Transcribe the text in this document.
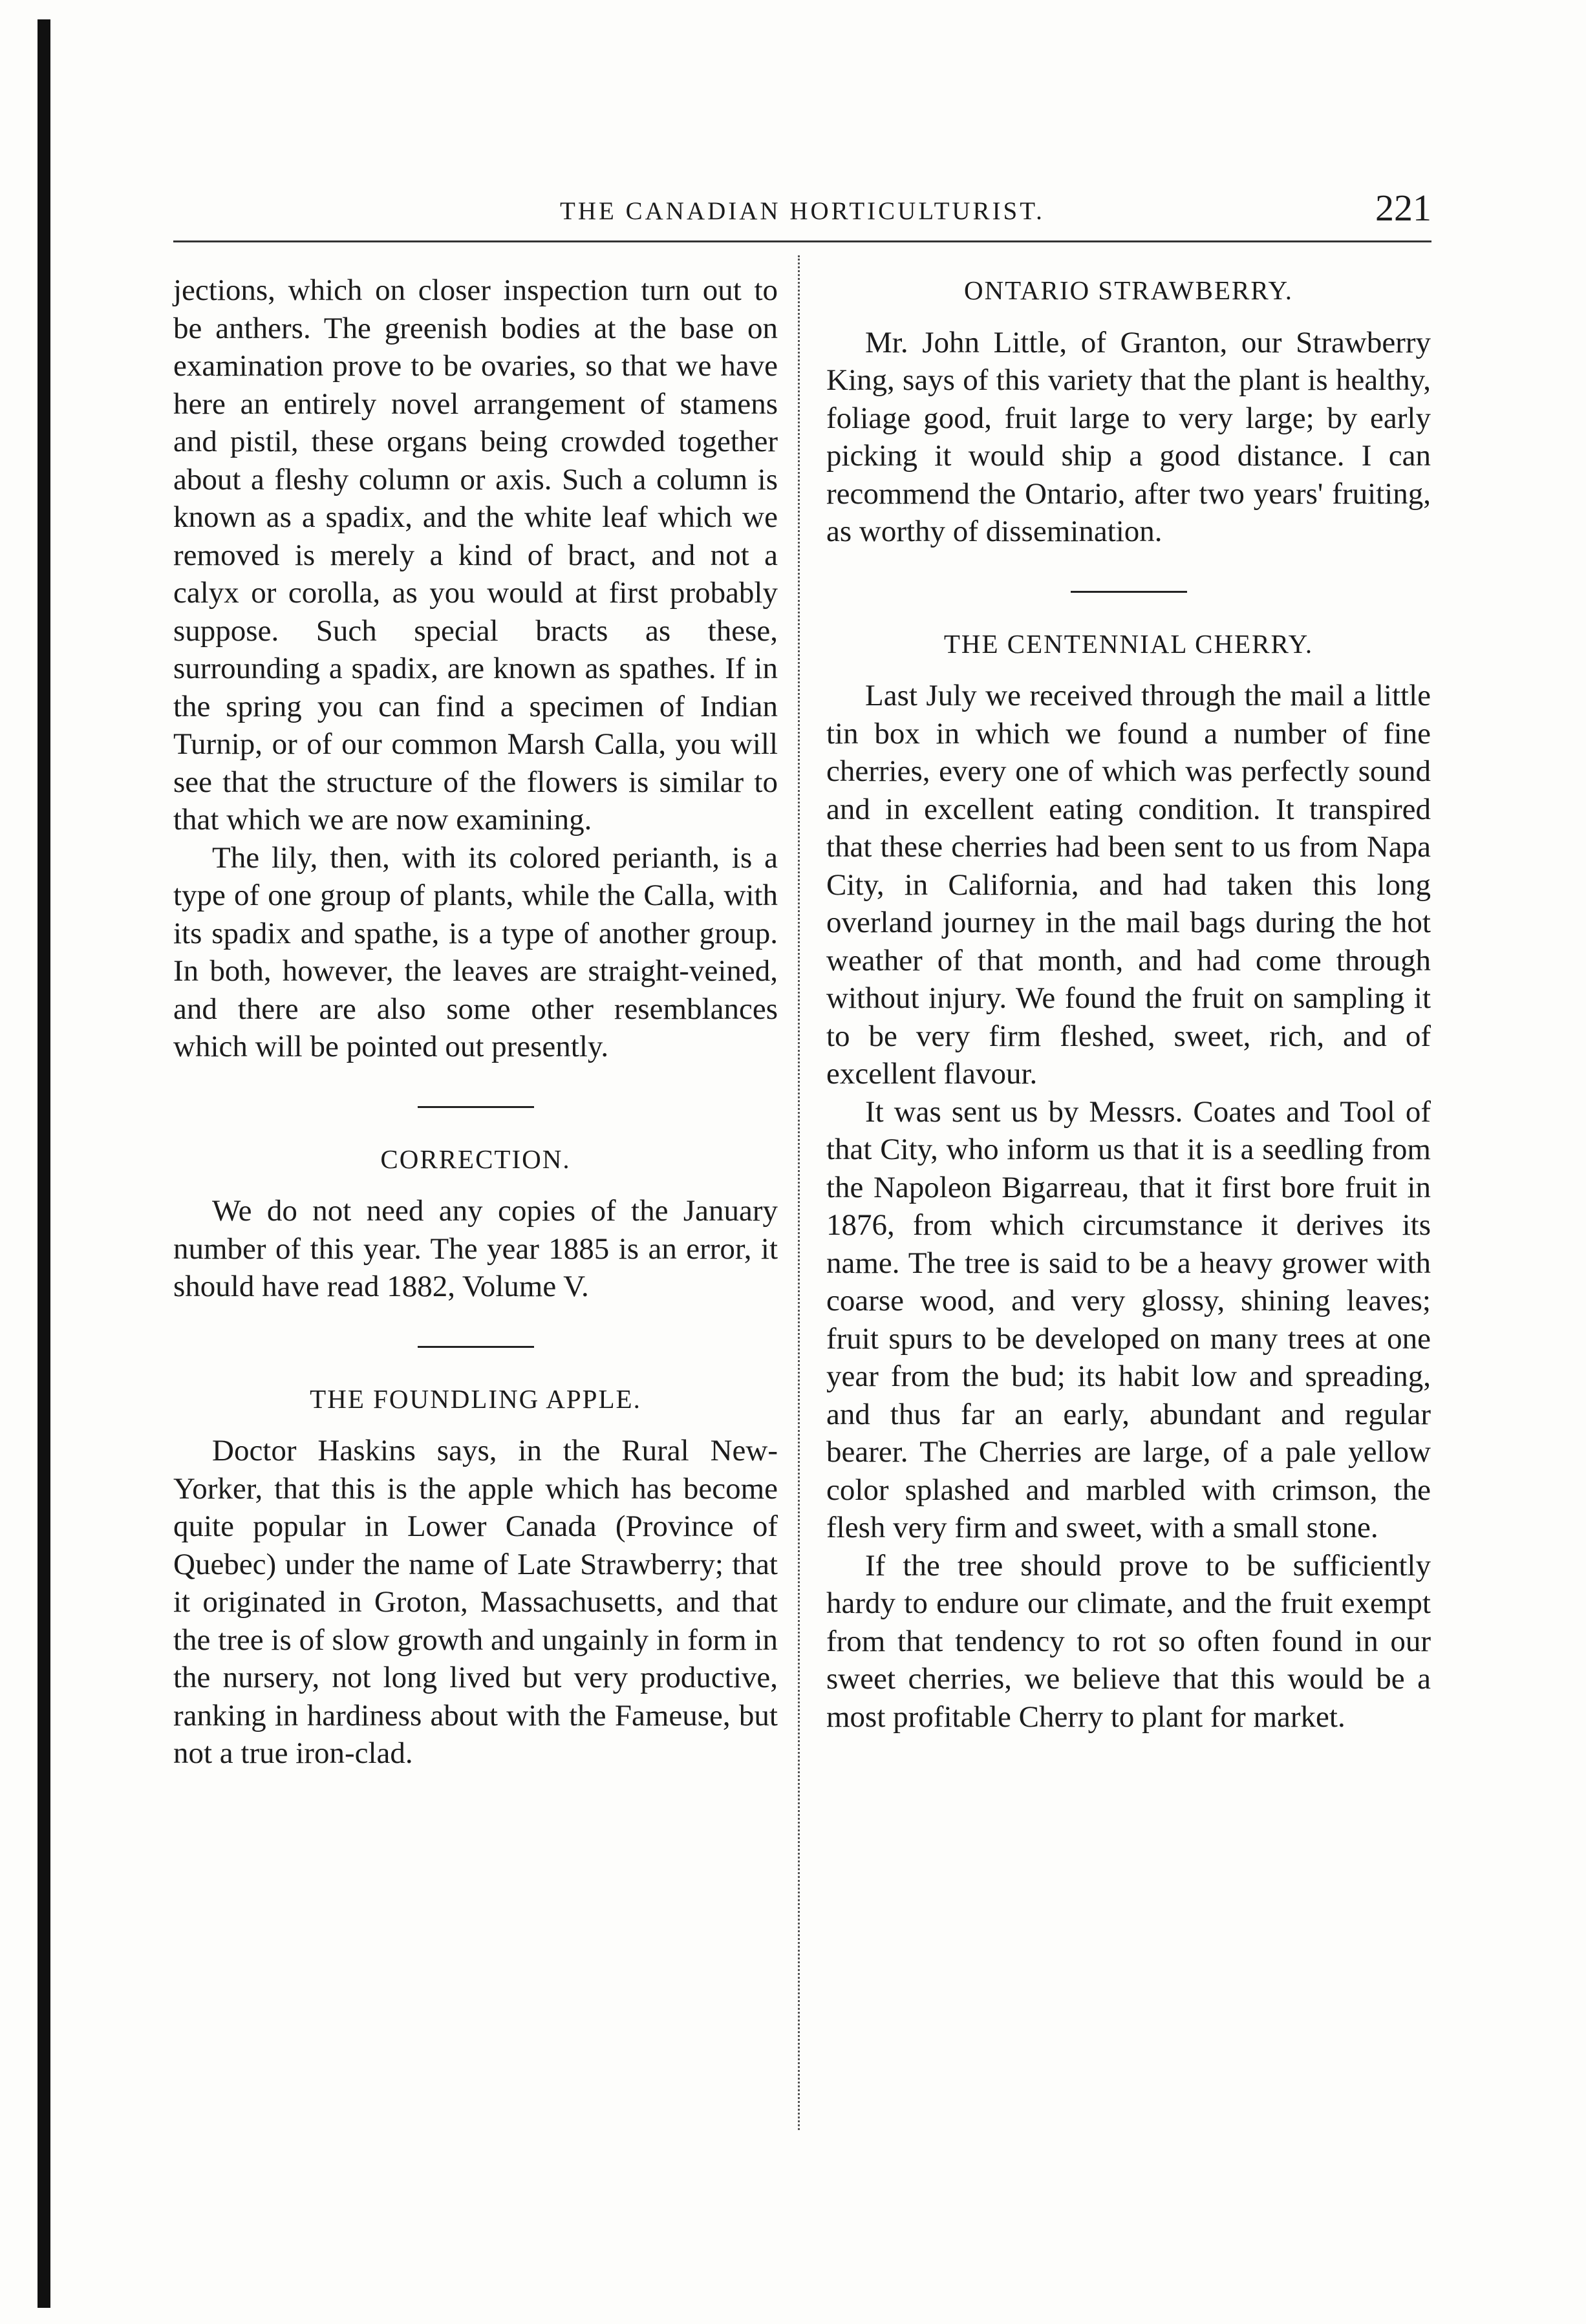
THE CANADIAN HORTICULTURIST.	221

jections, which on closer inspection turn out to be anthers. The greenish bodies at the base on examination prove to be ovaries, so that we have here an entirely novel arrangement of stamens and pistil, these organs being crowded together about a fleshy column or axis. Such a column is known as a spadix, and the white leaf which we removed is merely a kind of bract, and not a calyx or corolla, as you would at first probably suppose. Such special bracts as these, surrounding a spadix, are known as spathes. If in the spring you can find a specimen of Indian Turnip, or of our common Marsh Calla, you will see that the structure of the flowers is similar to that which we are now examining.

The lily, then, with its colored perianth, is a type of one group of plants, while the Calla, with its spadix and spathe, is a type of another group. In both, however, the leaves are straight-veined, and there are also some other resemblances which will be pointed out presently.

CORRECTION.

We do not need any copies of the January number of this year. The year 1885 is an error, it should have read 1882, Volume V.

THE FOUNDLING APPLE.

Doctor Haskins says, in the Rural New-Yorker, that this is the apple which has become quite popular in Lower Canada (Province of Quebec) under the name of Late Strawberry; that it originated in Groton, Massachusetts, and that the tree is of slow growth and ungainly in form in the nursery, not long lived but very productive, ranking in hardiness about with the Fameuse, but not a true iron-clad.

ONTARIO STRAWBERRY.

Mr. John Little, of Granton, our Strawberry King, says of this variety that the plant is healthy, foliage good, fruit large to very large; by early picking it would ship a good distance. I can recommend the Ontario, after two years' fruiting, as worthy of dissemination.

THE CENTENNIAL CHERRY.

Last July we received through the mail a little tin box in which we found a number of fine cherries, every one of which was perfectly sound and in excellent eating condition. It transpired that these cherries had been sent to us from Napa City, in California, and had taken this long overland journey in the mail bags during the hot weather of that month, and had come through without injury. We found the fruit on sampling it to be very firm fleshed, sweet, rich, and of excellent flavour.

It was sent us by Messrs. Coates and Tool of that City, who inform us that it is a seedling from the Napoleon Bigarreau, that it first bore fruit in 1876, from which circumstance it derives its name. The tree is said to be a heavy grower with coarse wood, and very glossy, shining leaves; fruit spurs to be developed on many trees at one year from the bud; its habit low and spreading, and thus far an early, abundant and regular bearer. The Cherries are large, of a pale yellow color splashed and marbled with crimson, the flesh very firm and sweet, with a small stone.

If the tree should prove to be sufficiently hardy to endure our climate, and the fruit exempt from that tendency to rot so often found in our sweet cherries, we believe that this would be a most profitable Cherry to plant for market.
